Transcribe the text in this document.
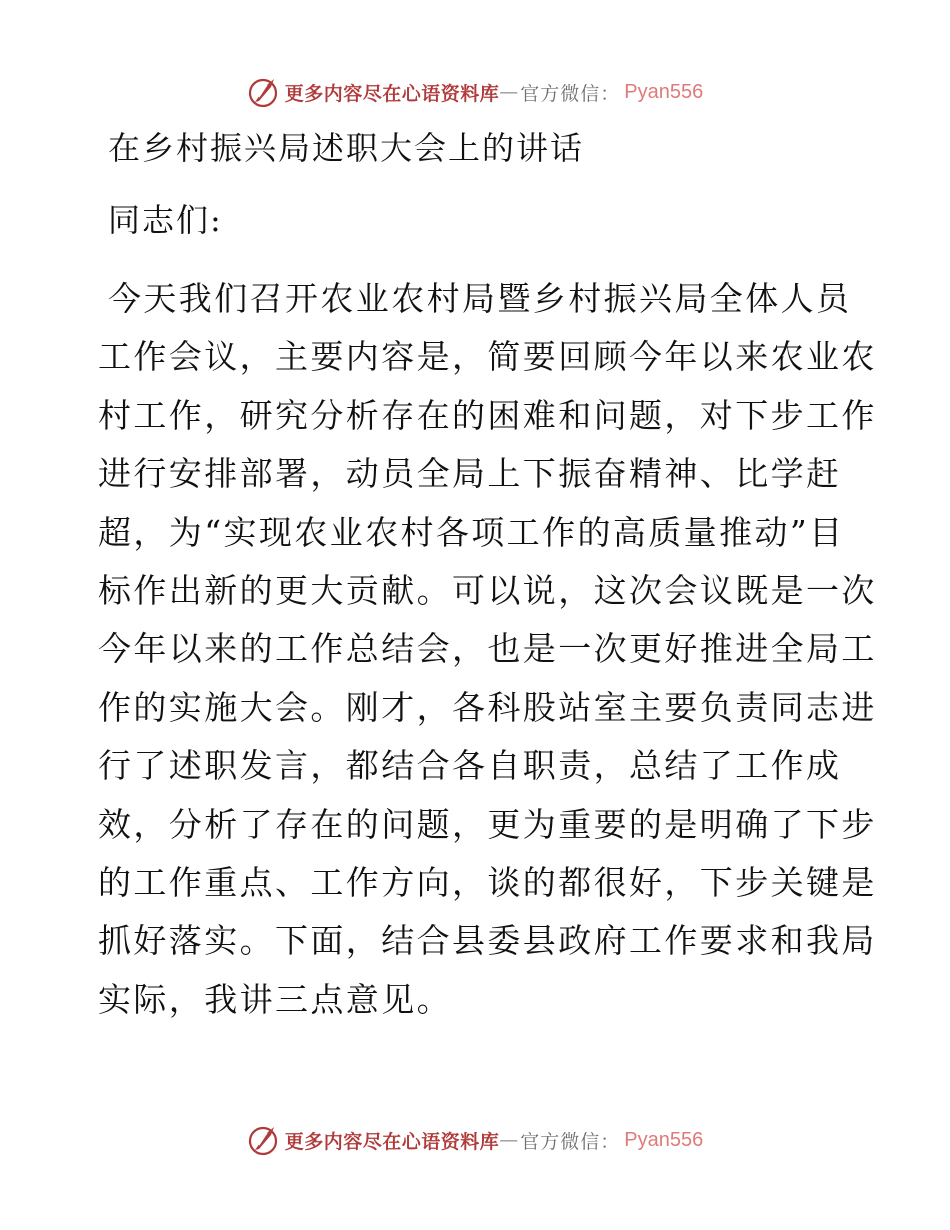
更多内容尽在心语资料库 — 官方微信： Pyan556
在乡村振兴局述职大会上的讲话
同志们:
今天我们召开农业农村局暨乡村振兴局全体人员
工作会议，主要内容是，简要回顾今年以来农业农
村工作，研究分析存在的困难和问题，对下步工作
进行安排部署，动员全局上下振奋精神、比学赶
超，为“实现农业农村各项工作的高质量推动”目
标作出新的更大贡献。可以说，这次会议既是一次
今年以来的工作总结会，也是一次更好推进全局工
作的实施大会。刚才，各科股站室主要负责同志进
行了述职发言，都结合各自职责，总结了工作成
效，分析了存在的问题，更为重要的是明确了下步
的工作重点、工作方向，谈的都很好，下步关键是
抓好落实。下面，结合县委县政府工作要求和我局
实际，我讲三点意见。
更多内容尽在心语资料库 — 官方微信： Pyan556
